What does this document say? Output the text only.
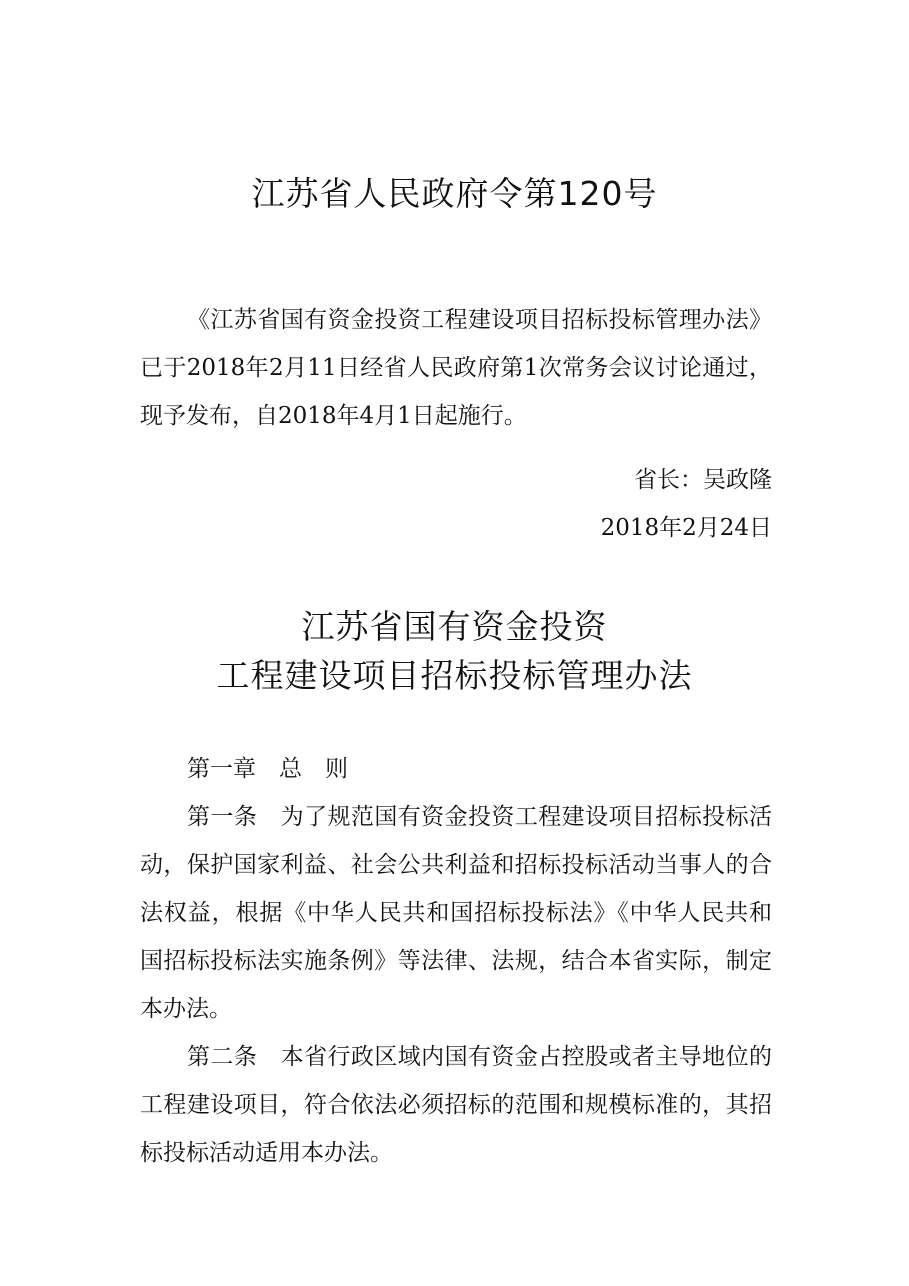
江苏省人民政府令第120号

《江苏省国有资金投资工程建设项目招标投标管理办法》已于2018年2月11日经省人民政府第1次常务会议讨论通过，现予发布，自2018年4月1日起施行。

省长：吴政隆
2018年2月24日
江苏省国有资金投资
工程建设项目招标投标管理办法
第一章　总　则

第一条　为了规范国有资金投资工程建设项目招标投标活动，保护国家利益、社会公共利益和招标投标活动当事人的合法权益，根据《中华人民共和国招标投标法》《中华人民共和国招标投标法实施条例》等法律、法规，结合本省实际，制定本办法。

第二条　本省行政区域内国有资金占控股或者主导地位的工程建设项目，符合依法必须招标的范围和规模标准的，其招标投标活动适用本办法。
